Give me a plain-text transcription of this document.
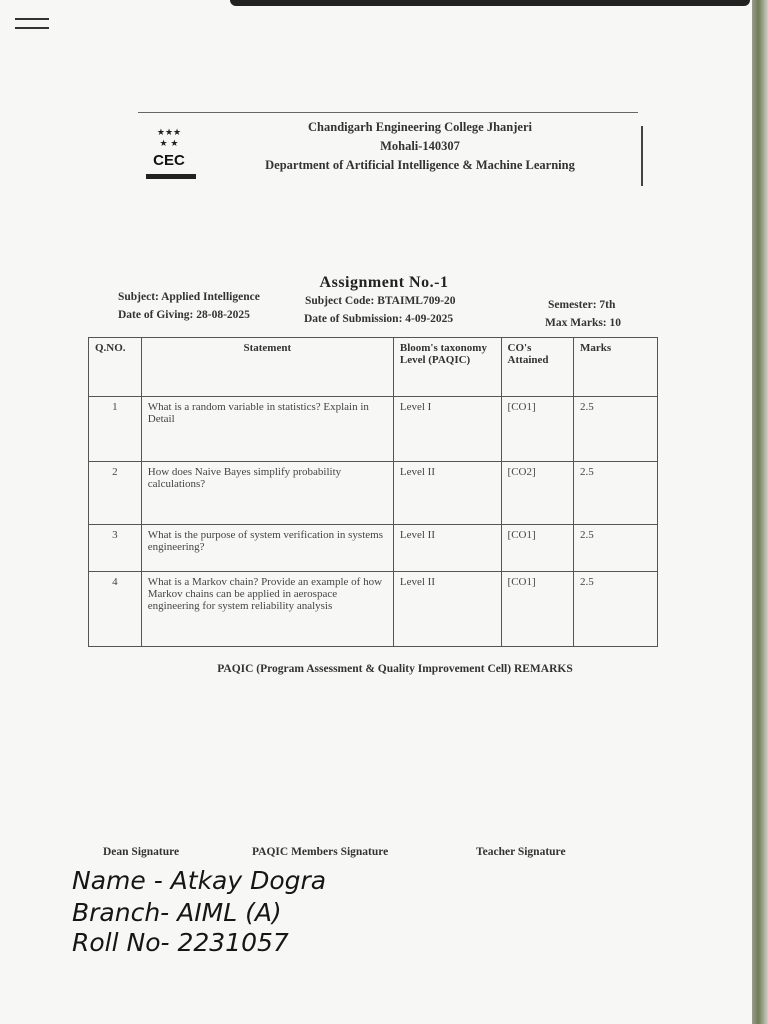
★★★
★ ★
CEC
Chandigarh Engineering College Jhanjeri
Mohali-140307
Department of Artificial Intelligence & Machine Learning
Assignment No.-1
Subject: Applied Intelligence	Subject Code: BTAIML709-20	Semester: 7th
Date of Giving: 28-08-2025	Date of Submission: 4-09-2025	Max Marks: 10
Q.NO.	Statement	Bloom's taxonomy Level (PAQIC)	CO's Attained	Marks
1	What is a random variable in statistics? Explain in Detail	Level I	[CO1]	2.5
2	How does Naive Bayes simplify probability calculations?	Level II	[CO2]	2.5
3	What is the purpose of system verification in systems engineering?	Level II	[CO1]	2.5
4	What is a Markov chain? Provide an example of how Markov chains can be applied in aerospace engineering for system reliability analysis	Level II	[CO1]	2.5
PAQIC (Program Assessment & Quality Improvement Cell) REMARKS
Dean Signature	PAQIC Members Signature	Teacher Signature
Name - Atkay Dogra
Branch- AIML (A)
Roll No- 2231057
